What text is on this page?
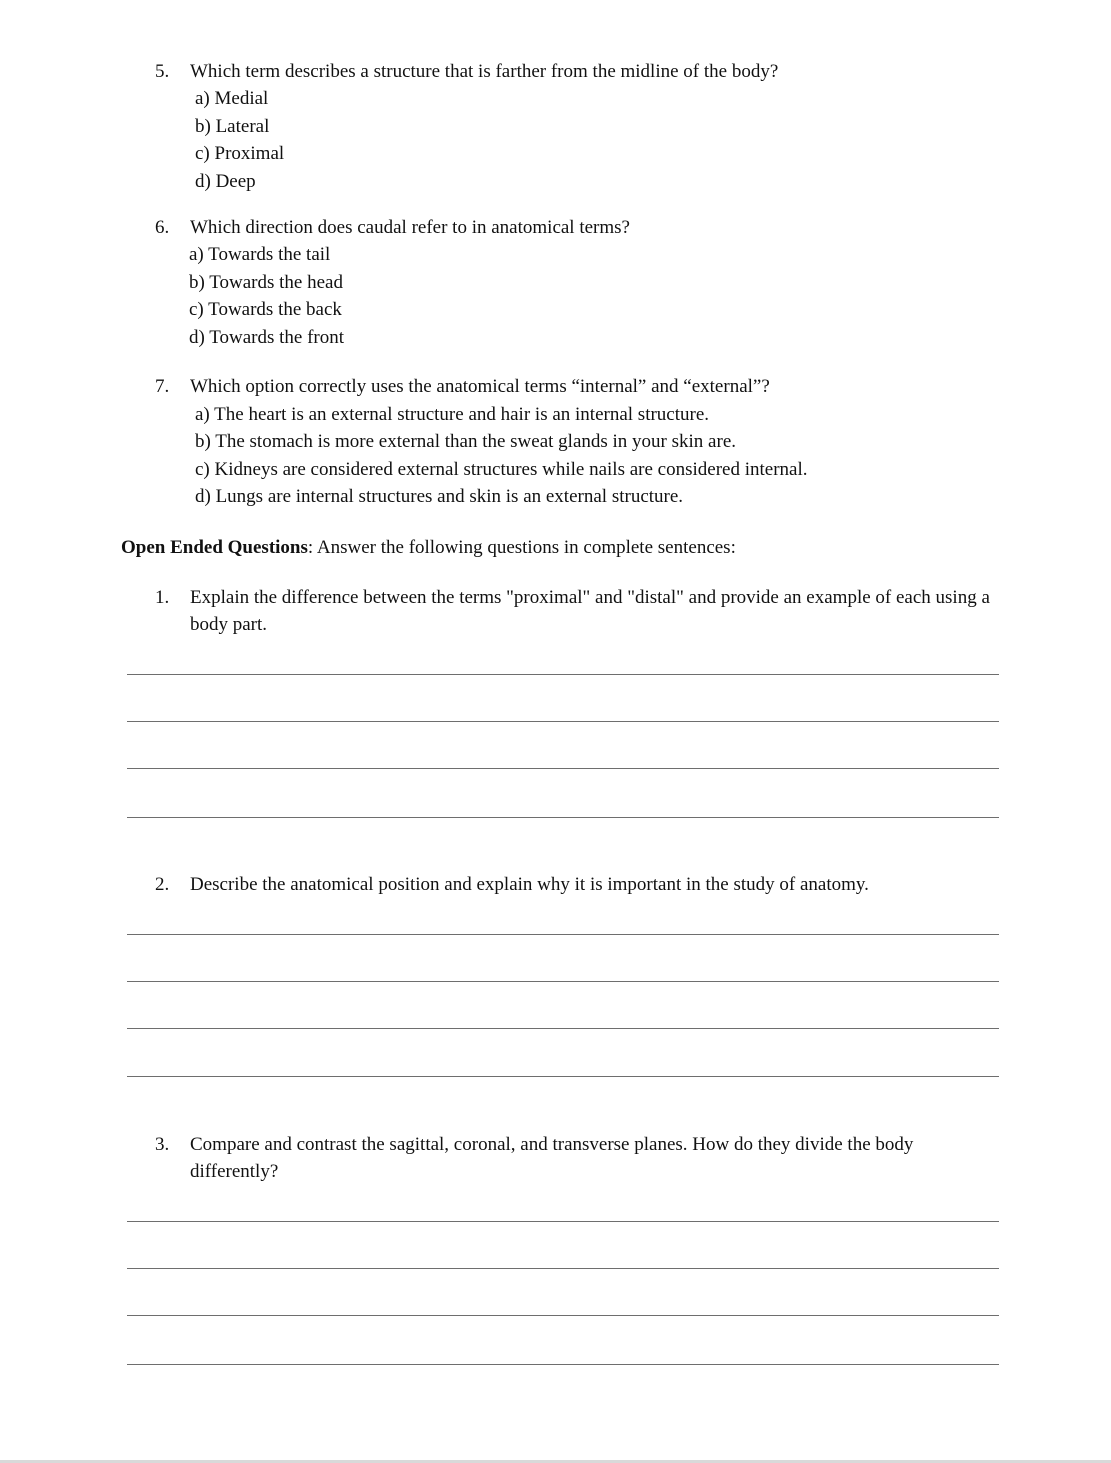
5. Which term describes a structure that is farther from the midline of the body?
a) Medial
b) Lateral
c) Proximal
d) Deep
6. Which direction does caudal refer to in anatomical terms?
a) Towards the tail
b) Towards the head
c) Towards the back
d) Towards the front
7. Which option correctly uses the anatomical terms “internal” and “external”?
a) The heart is an external structure and hair is an internal structure.
b) The stomach is more external than the sweat glands in your skin are.
c) Kidneys are considered external structures while nails are considered internal.
d) Lungs are internal structures and skin is an external structure.
Open Ended Questions: Answer the following questions in complete sentences:
1. Explain the difference between the terms "proximal" and "distal" and provide an example of each using a body part.
2. Describe the anatomical position and explain why it is important in the study of anatomy.
3. Compare and contrast the sagittal, coronal, and transverse planes. How do they divide the body differently?
